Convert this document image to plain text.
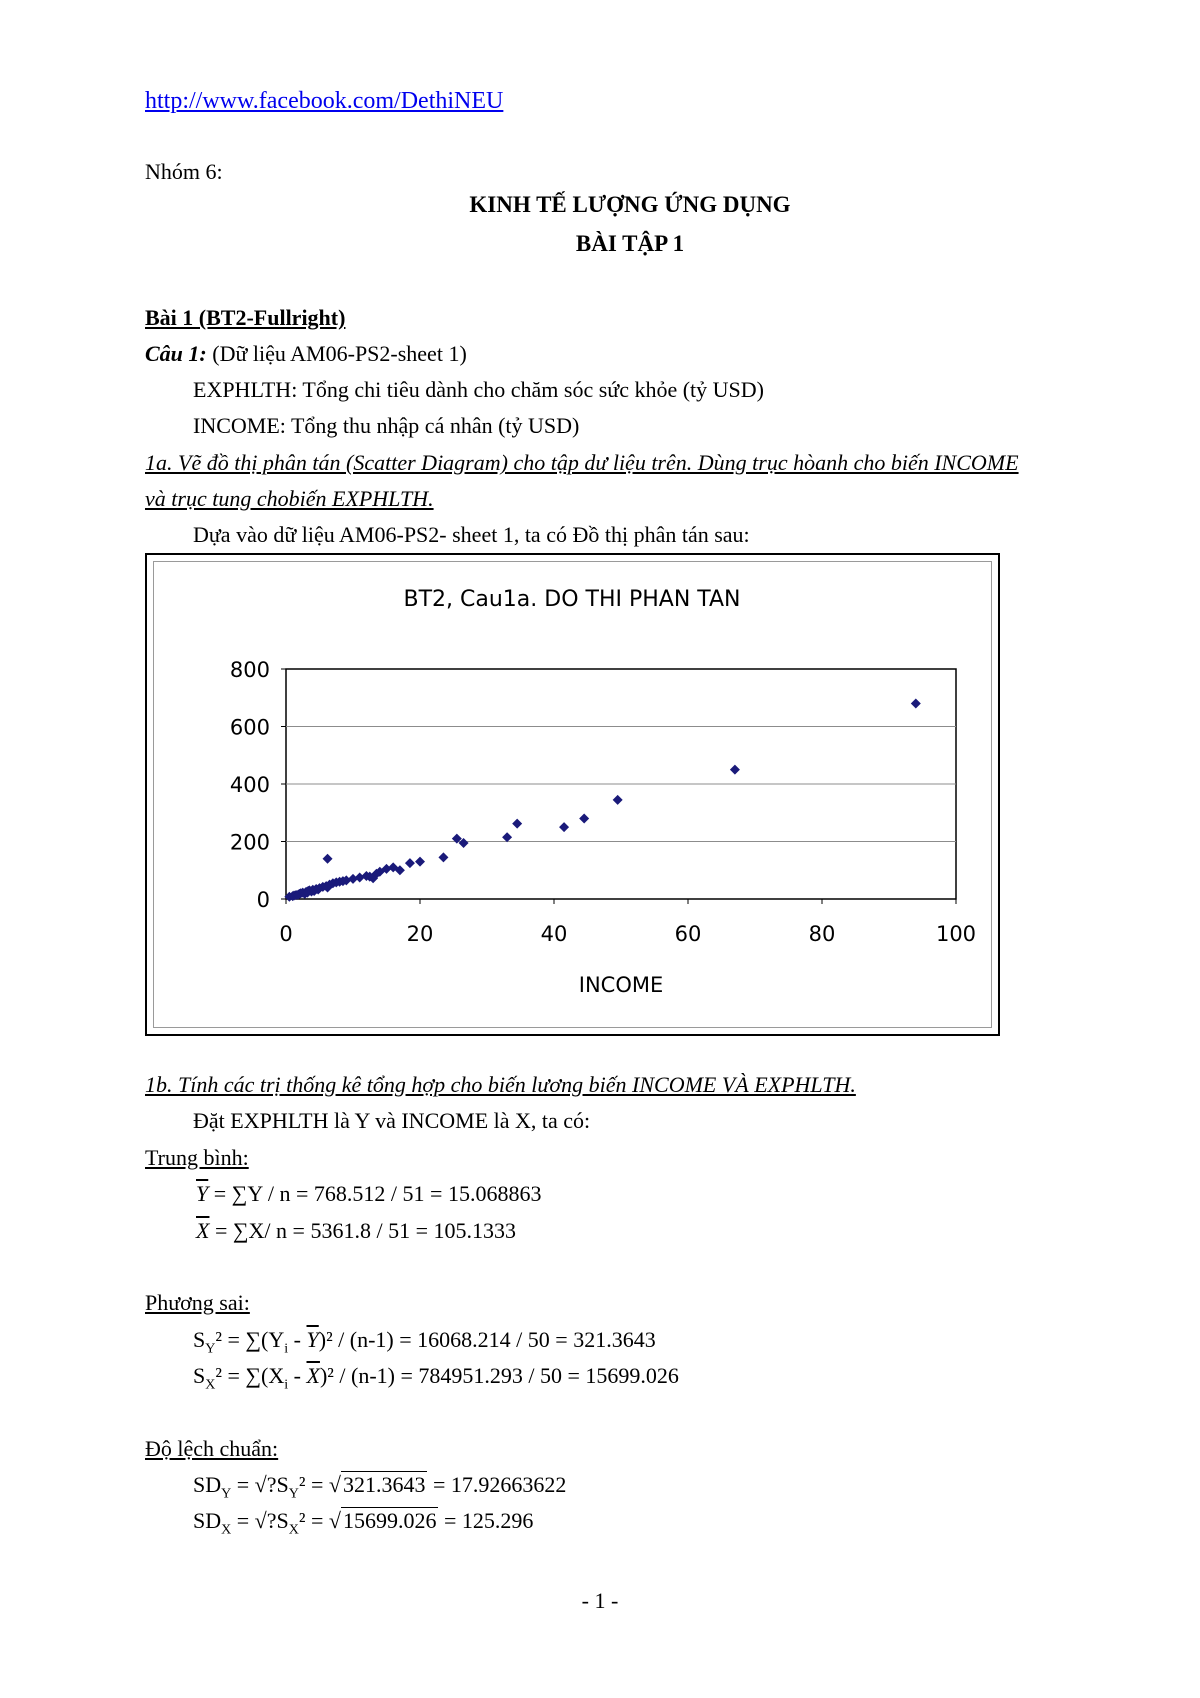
http://www.facebook.com/DethiNEU
Nhóm 6:
KINH TẾ LƯỢNG ỨNG DỤNG
BÀI TẬP 1
Bài 1 (BT2-Fullright)
Câu 1: (Dữ liệu AM06-PS2-sheet 1)
EXPHLTH: Tổng chi tiêu dành cho chăm sóc sức khỏe (tỷ USD)
INCOME: Tổng thu nhập cá nhân (tỷ USD)
1a. Vẽ đồ thị phân tán (Scatter Diagram) cho tập dư liệu trên. Dùng trục hòanh cho biến INCOME
và trục tung chobiến EXPHLTH.
Dựa vào dữ liệu AM06-PS2- sheet 1, ta có Đồ thị phân tán sau:
BT2, Cau1a. DO THI PHAN TAN
0
200
400
600
800
0	20	40	60	80	100
INCOME
1b. Tính các trị thống kê tổng hợp cho biến lương biến INCOME VÀ EXPHLTH.
Đặt EXPHLTH là Y và INCOME là X, ta có:
Trung bình:
$\overline{Y} = \sum Y / n = 768.512 / 51 = 15.068863$
$\overline{X} = \sum X/$ n = 5361.8 / 51 = 105.1333
Phương sai:
$S_Y^2 = \sum(Y_i - \overline{Y})^2 / (n-1) = 16068.214 / 50 = 321.3643$
$S_X^2 = \sum(X_i - \overline{X})^2 / (n-1) = 784951.293 / 50 = 15699.026$
Độ lệch chuẩn:
$SD_Y$ = $√?S_Y^2 = √321.3643 = 17.92663622$
$SD_X$ = $√?S_X^2 = √15699.026 = 125.296$
- 1 -
